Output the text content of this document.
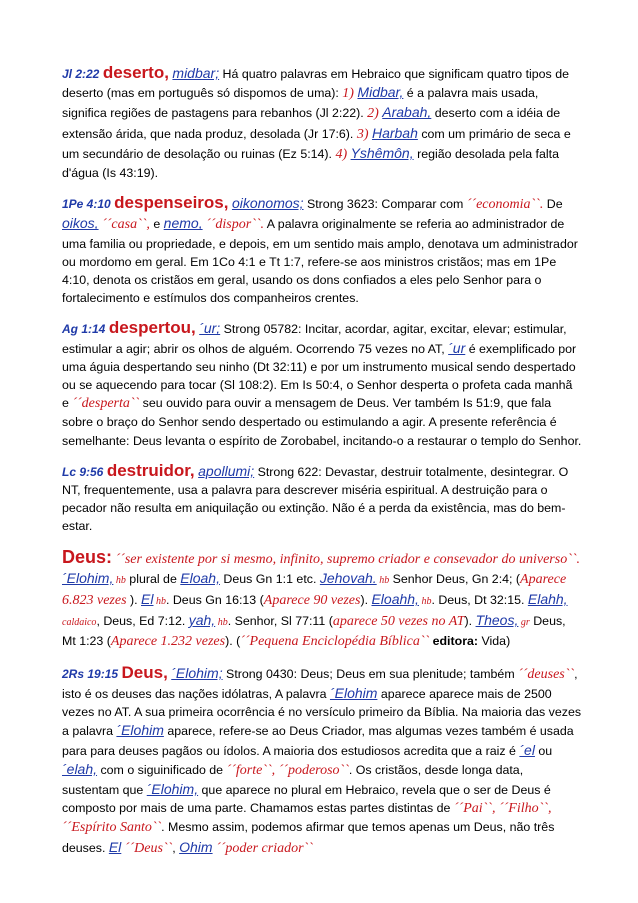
Jl 2:22 deserto, midbar; Há quatro palavras em Hebraico que significam quatro tipos de deserto (mas em português só dispomos de uma): 1) Midbar, é a palavra mais usada, significa regiões de pastagens para rebanhos (Jl 2:22). 2) Arabah, deserto com a idéia de extensão árida, que nada produz, desolada (Jr 17:6). 3) Harbah com um primário de seca e um secundário de desolação ou ruinas (Ez 5:14). 4) Yshêmôn, região desolada pela falta d'água (Is 43:19).

1Pe 4:10 despenseiros, oikonomos; Strong 3623: Comparar com ´´economia``. De oikos, ´´casa``, e nemo, ´´dispor``. A palavra originalmente se referia ao administrador de uma familia ou propriedade, e depois, em um sentido mais amplo, denotava um administrador ou mordomo em geral. Em 1Co 4:1 e Tt 1:7, refere-se aos ministros cristãos; mas em 1Pe 4:10, denota os cristãos em geral, usando os dons confiados a eles pelo Senhor para o fortalecimento e estímulos dos companheiros crentes.

Ag 1:14 despertou, ´ur; Strong 05782: Incitar, acordar, agitar, excitar, elevar; estimular, estimular a agir; abrir os olhos de alguém. Ocorrendo 75 vezes no AT, ´ur é exemplificado por uma águia despertando seu ninho (Dt 32:11) e por um instrumento musical sendo despertado ou se aquecendo para tocar (Sl 108:2). Em Is 50:4, o Senhor desperta o profeta cada manhã e ´´desperta`` seu ouvido para ouvir a mensagem de Deus. Ver também Is 51:9, que fala sobre o braço do Senhor sendo despertado ou estimulando a agir. A presente referência é semelhante: Deus levanta o espírito de Zorobabel, incitando-o a restaurar o templo do Senhor.

Lc 9:56 destruidor, apollumi; Strong 622: Devastar, destruir totalmente, desintegrar. O NT, frequentemente, usa a palavra para descrever miséria espiritual. A destruição para o pecador não resulta em aniquilação ou extinção. Não é a perda da existência, mas do bem-estar.

Deus: ´´ser existente por si mesmo, infinito, supremo criador e consevador do universo``. ´Elohim, hb plural de Eloah, Deus Gn 1:1 etc. Jehovah. hb Senhor Deus, Gn 2:4; (Aparece 6.823 vezes ). El hb. Deus Gn 16:13 (Aparece 90 vezes). Eloahh, hb. Deus, Dt 32:15. Elahh, caldaico, Deus, Ed 7:12. yah, hb. Senhor, Sl 77:11 (aparece 50 vezes no AT). Theos, gr Deus, Mt 1:23 (Aparece 1.232 vezes). (´´Pequena Enciclopédia Bíblica`` editora: Vida)

2Rs 19:15 Deus, ´Elohim; Strong 0430: Deus; Deus em sua plenitude; também ´´deuses``, isto é os deuses das nações idólatras, A palavra ´Elohim aparece aparece mais de 2500 vezes no AT. A sua primeira ocorrência é no versículo primeiro da Bíblia. Na maioria das vezes a palavra ´Elohim aparece, refere-se ao Deus Criador, mas algumas vezes também é usada para para deuses pagãos ou ídolos. A maioria dos estudiosos acredita que a raiz é ´el ou ´elah, com o siguinificado de ´´forte``, ´´poderoso``. Os cristãos, desde longa data, sustentam que ´Elohim, que aparece no plural em Hebraico, revela que o ser de Deus é composto por mais de uma parte. Chamamos estas partes distintas de ´´Pai``, ´´Filho``, ´´Espírito Santo``. Mesmo assim, podemos afirmar que temos apenas um Deus, não três deuses. El ´´Deus``, Ohim ´´poder criador``
